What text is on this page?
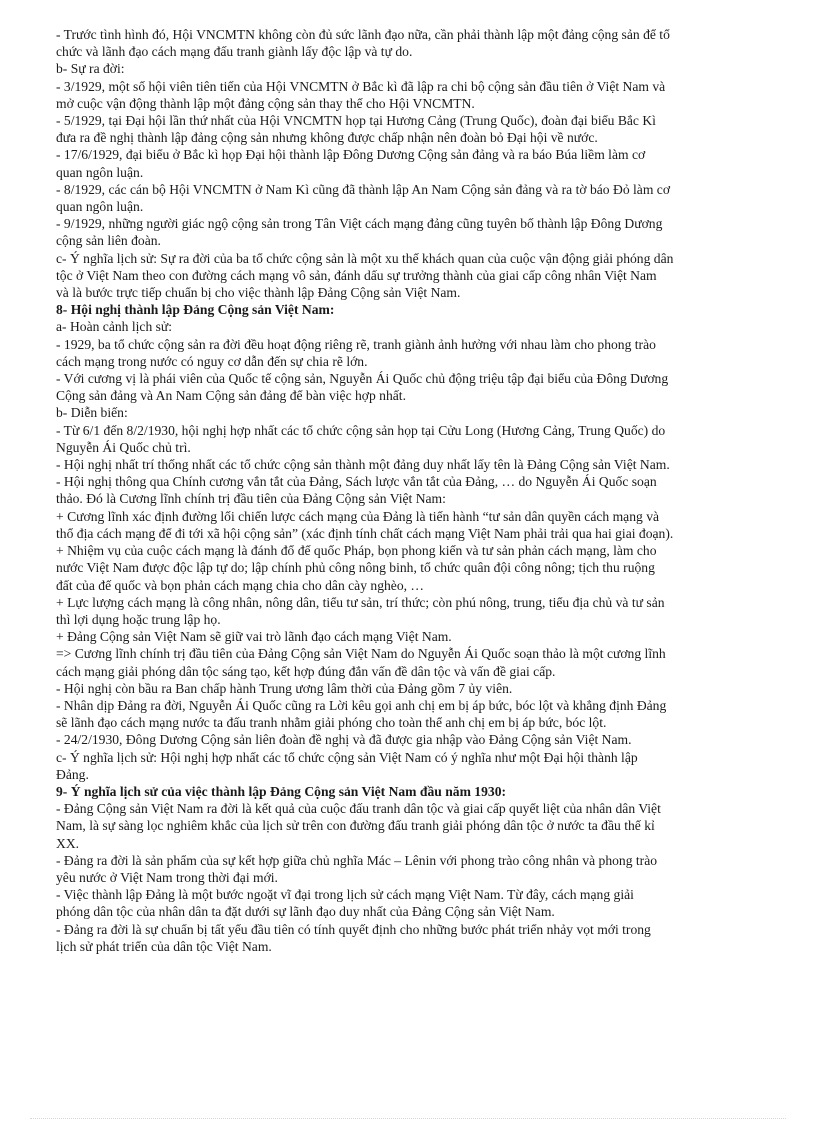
- Trước tình hình đó, Hội VNCMTN không còn đủ sức lãnh đạo nữa, cần phải thành lập một đảng cộng sản để tổ
chức và lãnh đạo cách mạng đấu tranh giành lấy độc lập và tự do.
b- Sự ra đời:
- 3/1929, một số hội viên tiên tiến của Hội VNCMTN ở Bắc kì đã lập ra chi bộ cộng sản đầu tiên ở Việt Nam và
mở cuộc vận động thành lập một đảng cộng sản thay thế cho Hội VNCMTN.
- 5/1929, tại Đại hội lần thứ nhất của Hội VNCMTN họp tại Hương Cảng (Trung Quốc), đoàn đại biểu Bắc Kì
đưa ra đề nghị thành lập đảng cộng sản nhưng không được chấp nhận nên đoàn bỏ Đại hội về nước.
- 17/6/1929, đại biểu ở Bắc kì họp Đại hội thành lập Đông Dương Cộng sản đảng và ra báo Búa liềm làm cơ
quan ngôn luận.
- 8/1929, các cán bộ Hội VNCMTN ở Nam Kì cũng đã thành lập An Nam Cộng sản đảng và ra tờ báo Đỏ làm cơ
quan ngôn luận.
- 9/1929, những người giác ngộ cộng sản trong Tân Việt cách mạng đảng cũng tuyên bố thành lập Đông Dương
cộng sản liên đoàn.
c- Ý nghĩa lịch sử: Sự ra đời của ba tổ chức cộng sản là một xu thế khách quan của cuộc vận động giải phóng dân
tộc ở Việt Nam theo con đường cách mạng vô sản, đánh dấu sự trưởng thành của giai cấp công nhân Việt Nam
và là bước trực tiếp chuẩn bị cho việc thành lập Đảng Cộng sản Việt Nam.
8- Hội nghị thành lập Đảng Cộng sản Việt Nam:
a- Hoàn cảnh lịch sử:
- 1929, ba tổ chức cộng sản ra đời đều hoạt động riêng rẽ, tranh giành ảnh hưởng với nhau làm cho phong trào
cách mạng trong nước có nguy cơ dẫn đến sự chia rẽ lớn.
- Với cương vị là phái viên của Quốc tế cộng sản, Nguyễn Ái Quốc chủ động triệu tập đại biểu của Đông Dương
Cộng sản đảng và An Nam Cộng sản đảng để bàn việc hợp nhất.
b- Diễn biến:
- Từ 6/1 đến 8/2/1930, hội nghị hợp nhất các tổ chức cộng sản họp tại Cửu Long (Hương Cảng, Trung Quốc) do
Nguyễn Ái Quốc chủ trì.
- Hội nghị nhất trí thống nhất các tổ chức cộng sản thành một đảng duy nhất lấy tên là Đảng Cộng sản Việt Nam.
- Hội nghị thông qua Chính cương vắn tắt của Đảng, Sách lược vắn tắt của Đảng, … do Nguyễn Ái Quốc soạn
thảo. Đó là Cương lĩnh chính trị đầu tiên của Đảng Cộng sản Việt Nam:
+ Cương lĩnh xác định đường lối chiến lược cách mạng của Đảng là tiến hành “tư sản dân quyền cách mạng và
thổ địa cách mạng để đi tới xã hội cộng sản” (xác định tính chất cách mạng Việt Nam phải trải qua hai giai đoạn).
+ Nhiệm vụ của cuộc cách mạng là đánh đổ đế quốc Pháp, bọn phong kiến và tư sản phản cách mạng, làm cho
nước Việt Nam được độc lập tự do; lập chính phủ công nông binh, tổ chức quân đội công nông; tịch thu ruộng
đất của đế quốc và bọn phản cách mạng chia cho dân cày nghèo, …
+ Lực lượng cách mạng là công nhân, nông dân, tiểu tư sản, trí thức; còn phú nông, trung, tiểu địa chủ và tư sản
thì lợi dụng hoặc trung lập họ.
+ Đảng Cộng sản Việt Nam sẽ giữ vai trò lãnh đạo cách mạng Việt Nam.
=> Cương lĩnh chính trị đầu tiên của Đảng Cộng sản Việt Nam do Nguyễn Ái Quốc soạn thảo là một cương lĩnh
cách mạng giải phóng dân tộc sáng tạo, kết hợp đúng đắn vấn đề dân tộc và vấn đề giai cấp.
- Hội nghị còn bầu ra Ban chấp hành Trung ương lâm thời của Đảng gồm 7 ủy viên.
- Nhân dịp Đảng ra đời, Nguyễn Ái Quốc cũng ra Lời kêu gọi anh chị em bị áp bức, bóc lột và khẳng định Đảng
sẽ lãnh đạo cách mạng nước ta đấu tranh nhằm giải phóng cho toàn thể anh chị em bị áp bức, bóc lột.
- 24/2/1930, Đông Dương Cộng sản liên đoàn đề nghị và đã được gia nhập vào Đảng Cộng sản Việt Nam.
c- Ý nghĩa lịch sử: Hội nghị hợp nhất các tổ chức cộng sản Việt Nam có ý nghĩa như một Đại hội thành lập
Đảng.
9- Ý nghĩa lịch sử của việc thành lập Đảng Cộng sản Việt Nam đầu năm 1930:
- Đảng Cộng sản Việt Nam ra đời là kết quả của cuộc đấu tranh dân tộc và giai cấp quyết liệt của nhân dân Việt
Nam, là sự sàng lọc nghiêm khắc của lịch sử trên con đường đấu tranh giải phóng dân tộc ở nước ta đầu thế kỉ
XX.
- Đảng ra đời là sản phẩm của sự kết hợp giữa chủ nghĩa Mác – Lênin với phong trào công nhân và phong trào
yêu nước ở Việt Nam trong thời đại mới.
- Việc thành lập Đảng là một bước ngoặt vĩ đại trong lịch sử cách mạng Việt Nam. Từ đây, cách mạng giải
phóng dân tộc của nhân dân ta đặt dưới sự lãnh đạo duy nhất của Đảng Cộng sản Việt Nam.
- Đảng ra đời là sự chuẩn bị tất yếu đầu tiên có tính quyết định cho những bước phát triển nhảy vọt mới trong
lịch sử phát triển của dân tộc Việt Nam.
